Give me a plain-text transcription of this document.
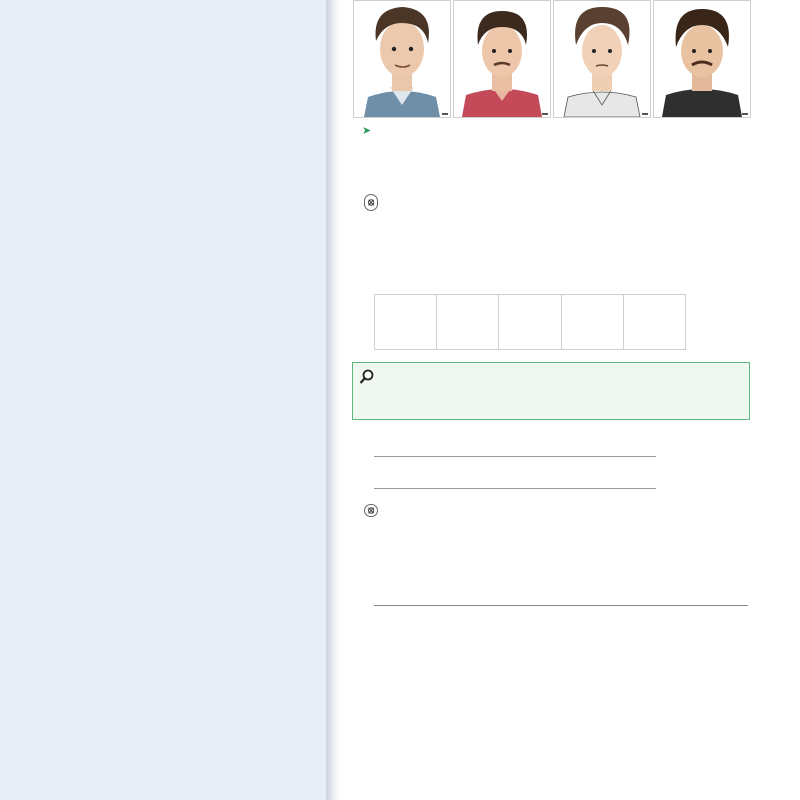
➤
⦻

⦻
